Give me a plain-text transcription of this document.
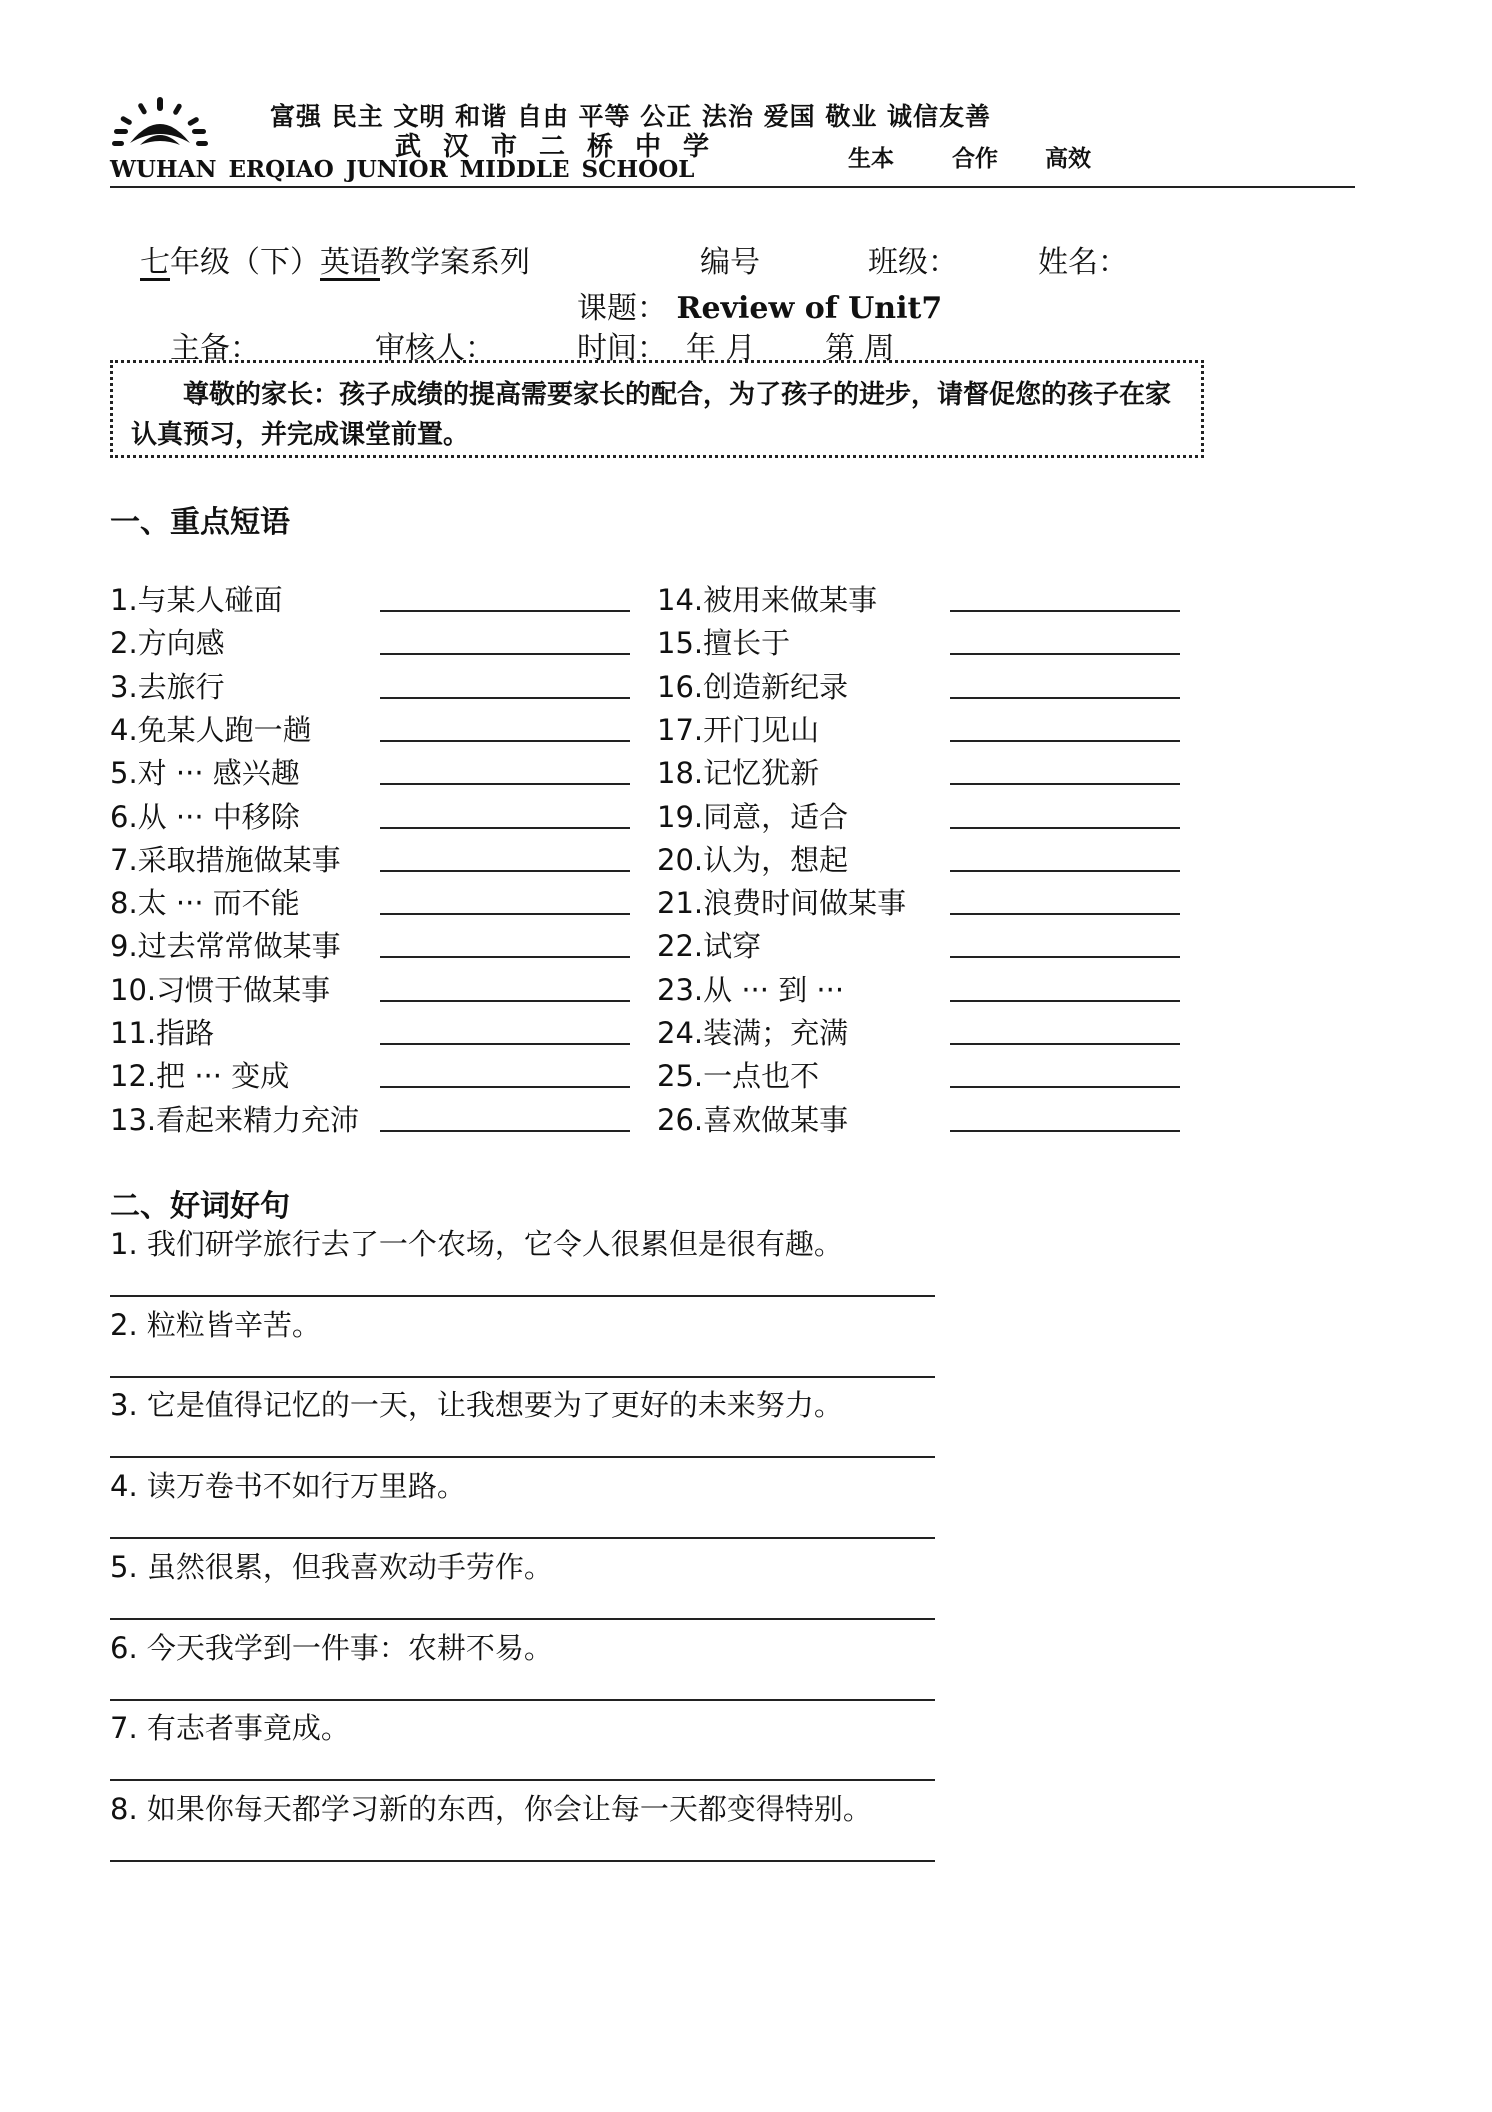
富强 民主 文明 和谐 自由 平等 公正 法治 爱国 敬业 诚信友善
武汉市二桥中学
WUHAN ERQIAO JUNIOR MIDDLE SCHOOL	生本	合作 高效
七年级（下）英语教学案系列	编号	班级：	姓名：
课题： Review of Unit7
主备：	审核人：	时间： 年 月 第 周
尊敬的家长：孩子成绩的提高需要家长的配合，为了孩子的进步，请督促您的孩子在家认真预习，并完成课堂前置。
一、重点短语
1.与某人碰面	14.被用来做某事
2.方向感	15.擅长于
3.去旅行	16.创造新纪录
4.免某人跑一趟	17.开门见山
5.对 ··· 感兴趣	18.记忆犹新
6.从 ··· 中移除	19.同意，适合
7.采取措施做某事	20.认为，想起
8.太 ··· 而不能	21.浪费时间做某事
9.过去常常做某事	22.试穿
10.习惯于做某事	23.从 ··· 到 ···
11.指路	24.装满；充满
12.把 ··· 变成	25.一点也不
13.看起来精力充沛	26.喜欢做某事
二、好词好句
1. 我们研学旅行去了一个农场，它令人很累但是很有趣。
2. 粒粒皆辛苦。
3. 它是值得记忆的一天，让我想要为了更好的未来努力。
4. 读万卷书不如行万里路。
5. 虽然很累，但我喜欢动手劳作。
6. 今天我学到一件事：农耕不易。
7. 有志者事竟成。
8. 如果你每天都学习新的东西，你会让每一天都变得特别。
